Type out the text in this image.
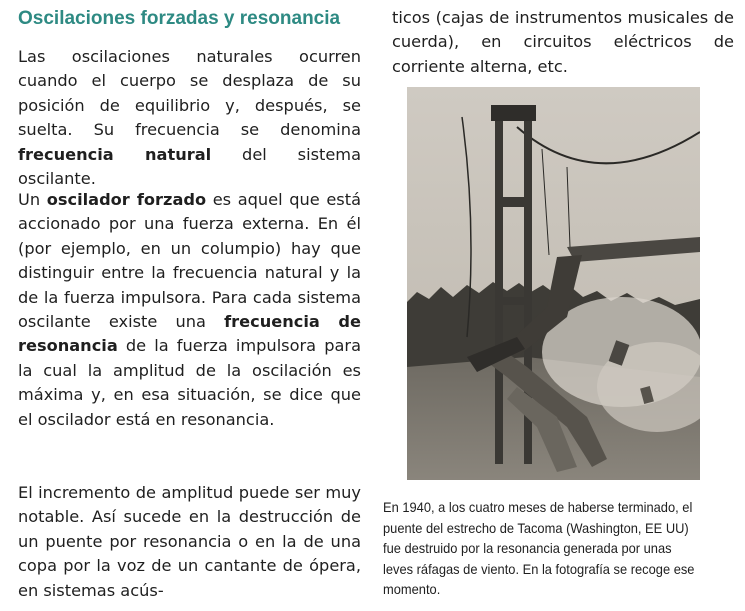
Oscilaciones forzadas y resonancia

Las oscilaciones naturales ocurren cuando el cuerpo se desplaza de su posición de equilibrio y, después, se suelta. Su frecuencia se denomina frecuencia natural del sistema oscilante.

Un oscilador forzado es aquel que está accionado por una fuerza externa. En él (por ejemplo, en un columpio) hay que distinguir entre la frecuencia natural y la de la fuerza impulsora. Para cada sistema oscilante existe una frecuencia de resonancia de la fuerza impulsora para la cual la amplitud de la oscilación es máxima y, en esa situación, se dice que el oscilador está en resonancia.

El incremento de amplitud puede ser muy notable. Así sucede en la destrucción de un puente por resonancia o en la de una copa por la voz de un cantante de ópera, en sistemas acús-

ticos (cajas de instrumentos musicales de cuerda), en circuitos eléctricos de corriente alterna, etc.

En 1940, a los cuatro meses de haberse terminado, el puente del estrecho de Tacoma (Washington, EE UU) fue destruido por la resonancia generada por unas leves ráfagas de viento. En la fotografía se recoge ese momento.
